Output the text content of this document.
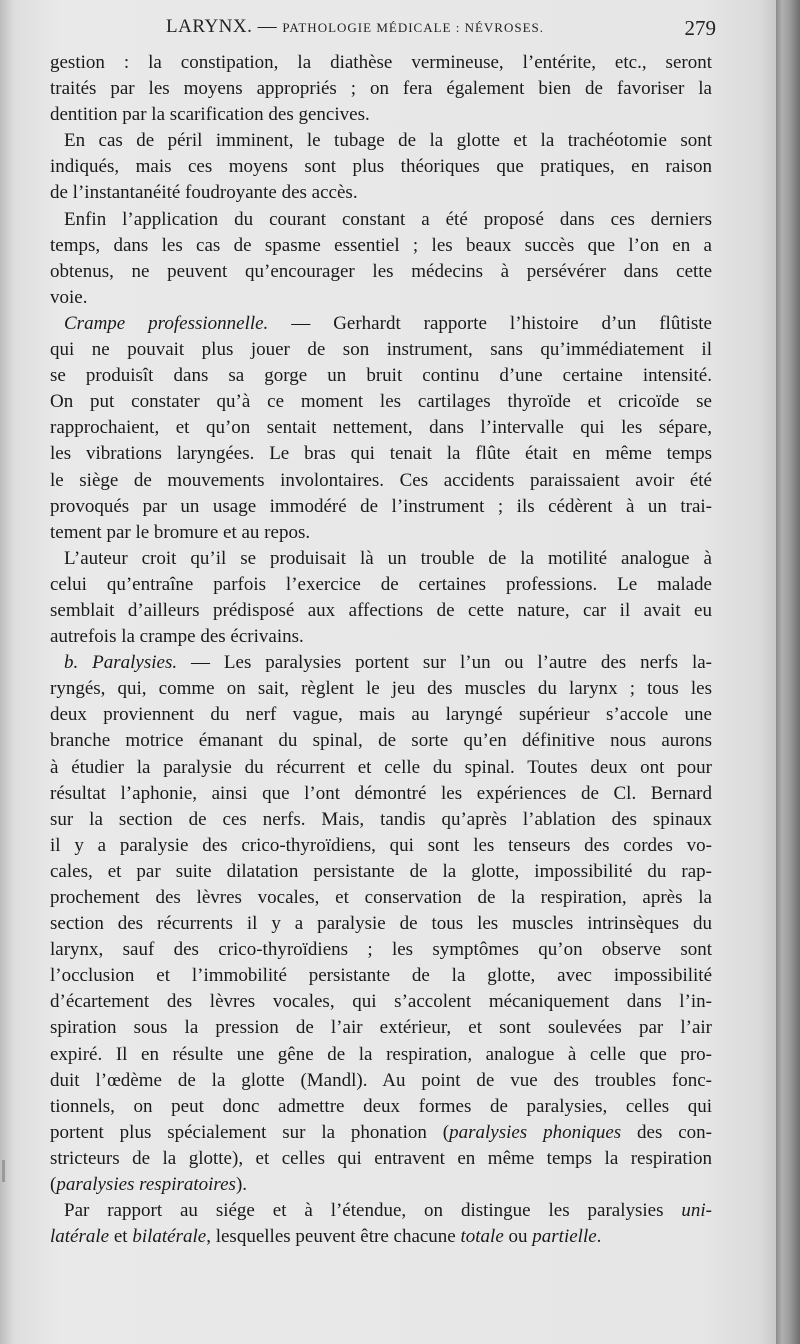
LARYNX. — PATHOLOGIE MÉDICALE : NÉVROSES.	279
gestion : la constipation, la diathèse vermineuse, l’entérite, etc., seront
traités par les moyens appropriés ; on fera également bien de favoriser la
dentition par la scarification des gencives.
En cas de péril imminent, le tubage de la glotte et la trachéotomie sont
indiqués, mais ces moyens sont plus théoriques que pratiques, en raison
de l’instantanéité foudroyante des accès.
Enfin l’application du courant constant a été proposé dans ces derniers
temps, dans les cas de spasme essentiel ; les beaux succès que l’on en a
obtenus, ne peuvent qu’encourager les médecins à persévérer dans cette
voie.
Crampe professionnelle. — Gerhardt rapporte l’histoire d’un flûtiste
qui ne pouvait plus jouer de son instrument, sans qu’immédiatement il
se produisît dans sa gorge un bruit continu d’une certaine intensité.
On put constater qu’à ce moment les cartilages thyroïde et cricoïde se
rapprochaient, et qu’on sentait nettement, dans l’intervalle qui les sépare,
les vibrations laryngées. Le bras qui tenait la flûte était en même temps
le siège de mouvements involontaires. Ces accidents paraissaient avoir été
provoqués par un usage immodéré de l’instrument ; ils cédèrent à un trai-
tement par le bromure et au repos.
L’auteur croit qu’il se produisait là un trouble de la motilité analogue à
celui qu’entraîne parfois l’exercice de certaines professions. Le malade
semblait d’ailleurs prédisposé aux affections de cette nature, car il avait eu
autrefois la crampe des écrivains.
b. Paralysies. — Les paralysies portent sur l’un ou l’autre des nerfs la-
ryngés, qui, comme on sait, règlent le jeu des muscles du larynx ; tous les
deux proviennent du nerf vague, mais au laryngé supérieur s’accole une
branche motrice émanant du spinal, de sorte qu’en définitive nous aurons
à étudier la paralysie du récurrent et celle du spinal. Toutes deux ont pour
résultat l’aphonie, ainsi que l’ont démontré les expériences de Cl. Bernard
sur la section de ces nerfs. Mais, tandis qu’après l’ablation des spinaux
il y a paralysie des crico-thyroïdiens, qui sont les tenseurs des cordes vo-
cales, et par suite dilatation persistante de la glotte, impossibilité du rap-
prochement des lèvres vocales, et conservation de la respiration, après la
section des récurrents il y a paralysie de tous les muscles intrinsèques du
larynx, sauf des crico-thyroïdiens ; les symptômes qu’on observe sont
l’occlusion et l’immobilité persistante de la glotte, avec impossibilité
d’écartement des lèvres vocales, qui s’accolent mécaniquement dans l’in-
spiration sous la pression de l’air extérieur, et sont soulevées par l’air
expiré. Il en résulte une gêne de la respiration, analogue à celle que pro-
duit l’œdème de la glotte (Mandl). Au point de vue des troubles fonc-
tionnels, on peut donc admettre deux formes de paralysies, celles qui
portent plus spécialement sur la phonation (paralysies phoniques des con-
stricteurs de la glotte), et celles qui entravent en même temps la respiration
(paralysies respiratoires).
Par rapport au siége et à l’étendue, on distingue les paralysies uni-
latérale et bilatérale, lesquelles peuvent être chacune totale ou partielle.
